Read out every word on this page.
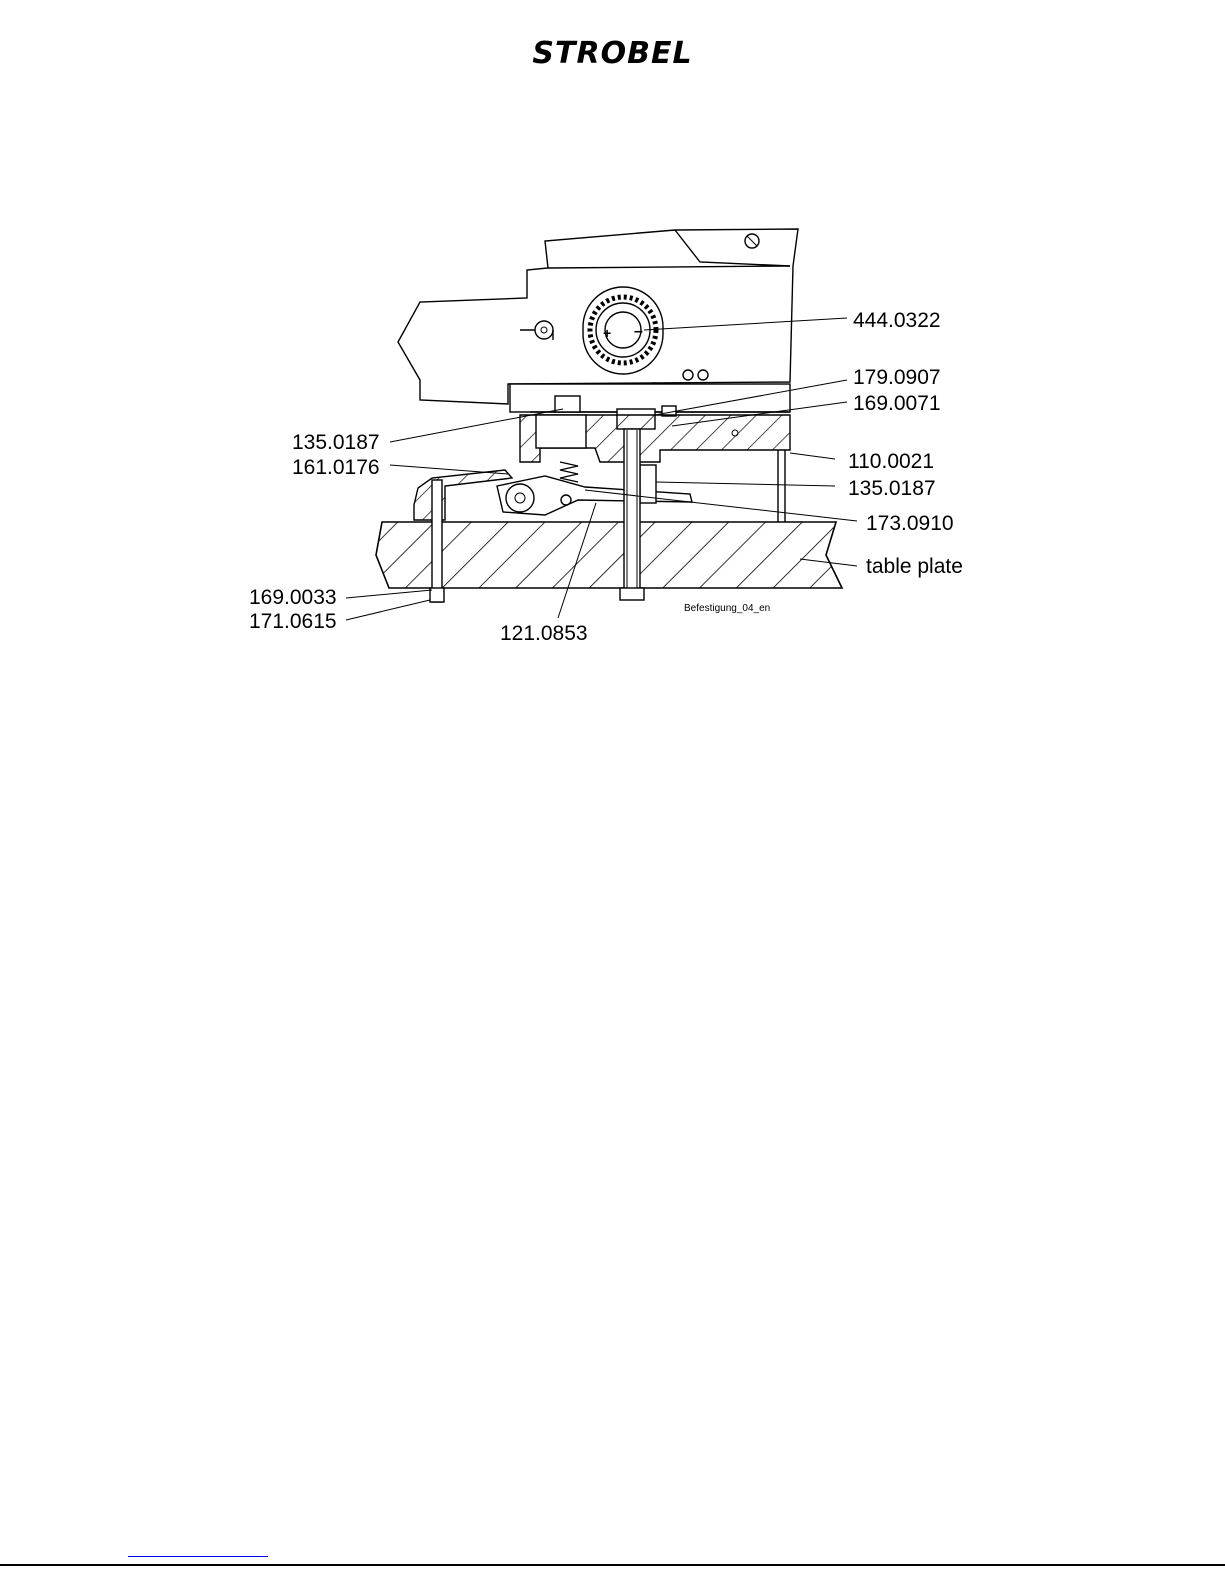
STROBEL
+ –	444.0322
179.0907
169.0071
135.0187
161.0176	110.0021
135.0187
173.0910
table plate
169.0033
171.0615
121.0853
Befestigung_04_en
